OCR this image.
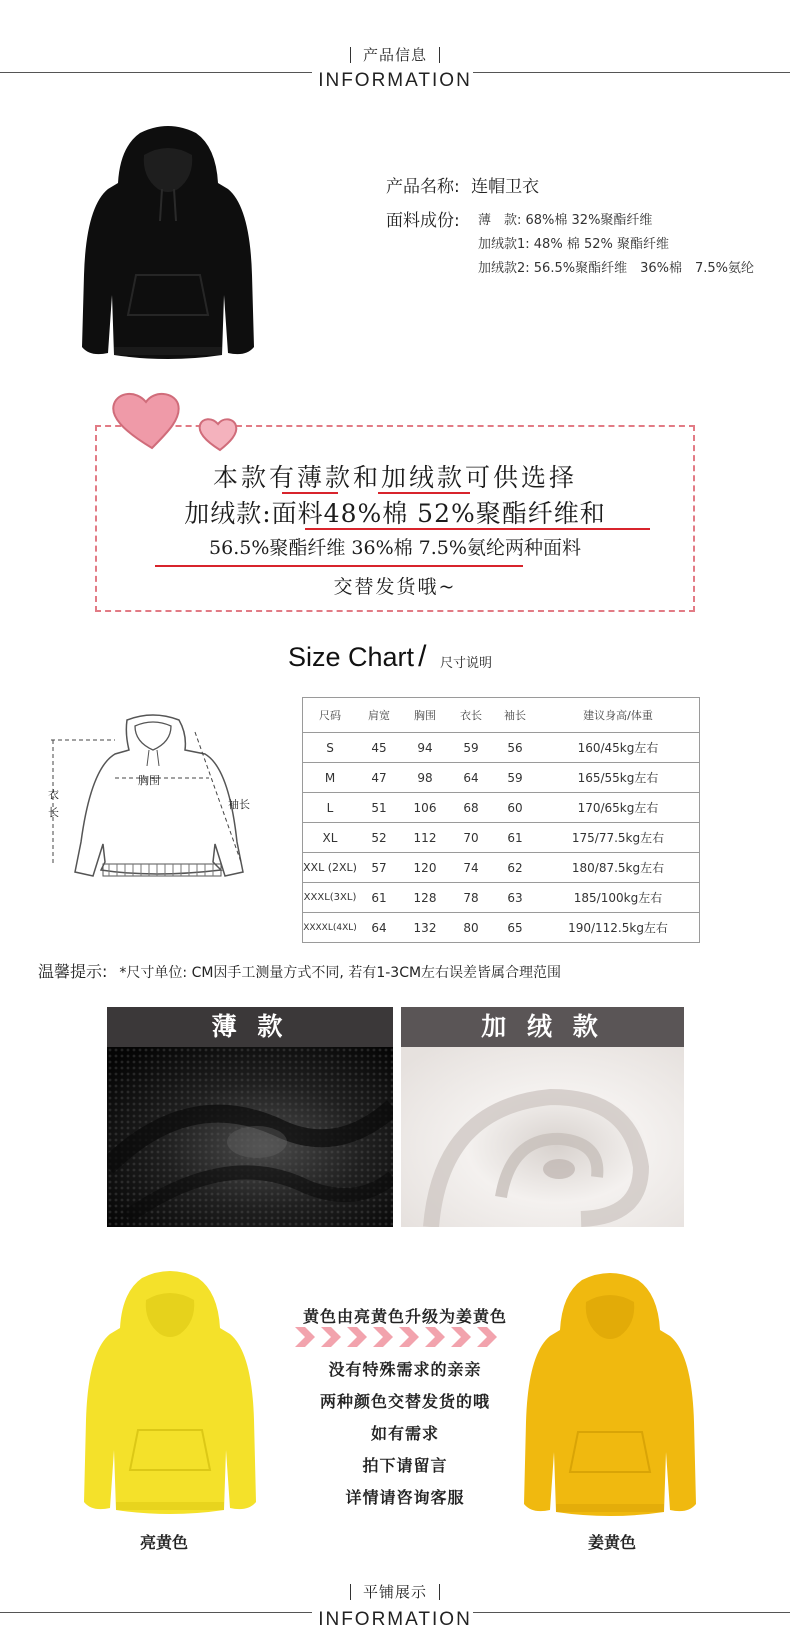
产品信息
INFORMATION
产品名称: 连帽卫衣
面料成份: 薄　款: 68%棉 32%聚酯纤维
加绒款1: 48% 棉 52% 聚酯纤维
加绒款2: 56.5%聚酯纤维　36%棉　7.5%氨纶
本款有薄款和加绒款可供选择
加绒款:面料48%棉 52%聚酯纤维和
56.5%聚酯纤维 36%棉 7.5%氨纶两种面料
交替发货哦~
Size Chart / 尺寸说明
衣长
胸围
袖长
尺码	肩宽	胸围	衣长	袖长	建议身高/体重
S	45	94	59	56	160/45kg左右
M	47	98	64	59	165/55kg左右
L	51	106	68	60	170/65kg左右
XL	52	112	70	61	175/77.5kg左右
XXL (2XL)	57	120	74	62	180/87.5kg左右
XXXL(3XL)	61	128	78	63	185/100kg左右
XXXXL(4XL)	64	132	80	65	190/112.5kg左右
温馨提示: *尺寸单位: CM因手工测量方式不同, 若有1-3CM左右误差皆属合理范围
薄 款	加 绒 款
黄色由亮黄色升级为姜黄色
没有特殊需求的亲亲
两种颜色交替发货的哦
如有需求
拍下请留言
详情请咨询客服
亮黄色	姜黄色
平铺展示
INFORMATION
